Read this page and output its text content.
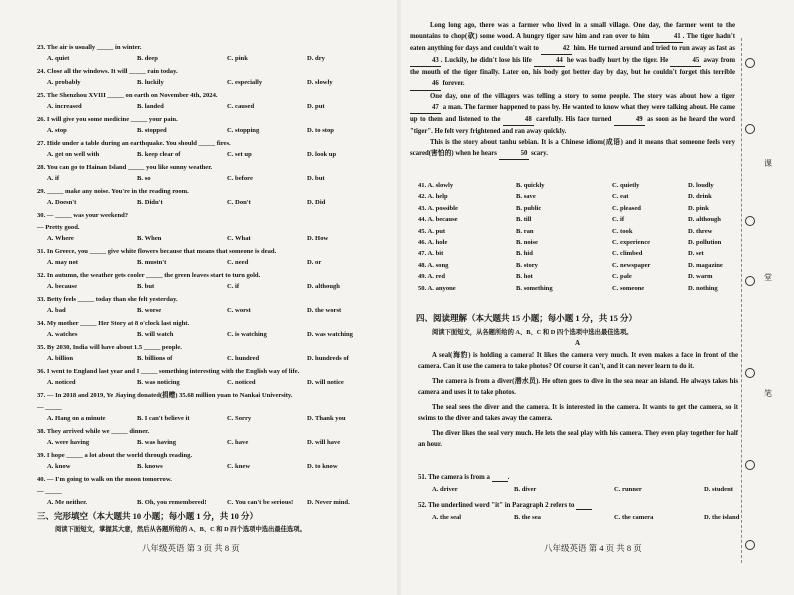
23. The air is usually _____ in winter.
A. quiet	B. deep	C. pink	D. dry
24. Close all the windows. It will _____ rain today.
A. probably	B. luckily	C. especially	D. slowly
25. The Shenzhou XVIII _____ on earth on November 4th, 2024.
A. increased	B. landed	C. caused	D. put
26. I will give you some medicine _____ your pain.
A. stop	B. stopped	C. stopping	D. to stop
27. Hide under a table during an earthquake. You should _____ fires.
A. get on well with	B. keep clear of	C. set up	D. look up
28. You can go to Hainan Island _____ you like sunny weather.
A. if	B. so	C. before	D. but
29. _____ make any noise. You're in the reading room.
A. Doesn't	B. Didn't	C. Don't	D. Did
30. — _____ was your weekend?
— Pretty good.
A. Where	B. When	C. What	D. How
31. In Greece, you _____ give white flowers because that means that someone is dead.
A. may not	B. mustn't	C. need	D. or
32. In autumn, the weather gets cooler _____ the green leaves start to turn gold.
A. because	B. but	C. if	D. although
33. Betty feels _____ today than she felt yesterday.
A. bad	B. worse	C. worst	D. the worst
34. My mother _____ Her Story at 8 o'clock last night.
A. watches	B. will watch	C. is watching	D. was watching
35. By 2030, India will have about 1.5 _____ people.
A. billion	B. billions of	C. hundred	D. hundreds of
36. I went to England last year and I _____ something interesting with the English way of life.
A. noticed	B. was noticing	C. noticed	D. will notice
37. — In 2018 and 2019, Ye Jiaying donated(捐赠) 35.68 million yuan to Nankai University.
— _____
A. Hang on a minute	B. I can't believe it	C. Sorry	D. Thank you
38. They arrived while we _____ dinner.
A. were having	B. was having	C. have	D. will have
39. I hope _____ a lot about the world through reading.
A. know	B. knows	C. knew	D. to know
40. — I'm going to walk on the moon tomorrow.
— _____
A. Me neither.	B. Oh, you remembered!	C. You can't be serious! D. Never mind.
三、完形填空（本大题共 10 小题；每小题 1 分，共 10 分）
阅读下面短文，掌握其大意，然后从各题所给的 A、B、C 和 D 四个选项中选出最佳选项。
八年级英语 第 3 页 共 8 页

Long long ago, there was a farmer who lived in a small village. One day, the farmer went to the mountains to chop(砍) some wood. A hungry tiger saw him and ran over to him	41 . The tiger hadn't eaten anything for days and couldn't wait to	42 him. He turned around and tried to run away as fast as 43 . Luckily, he didn't lose his life	44 he was badly hurt by the tiger. He	45 away from the mouth of the tiger finally. Later on, his body got better day by day, but he couldn't forget this terrible 46 forever.

One day, one of the villagers was telling a story to some people. The story was about how a tiger 47 a man. The farmer happened to pass by. He wanted to know what they were talking about. He came up to them and listened to the	48 carefully. His face turned	49 as soon as he heard the word "tiger". He felt very frightened and ran away quickly.

This is the story about tanhu sebian. It is a Chinese idiom(成语) and it means that someone feels very scared(害怕的) when he hears	50 scary.

41. A. slowly	B. quickly	C. quietly	D. loudly
42. A. help	B. save	C. eat	D. drink
43. A. possible	B. public	C. pleased	D. pink
44. A. because	B. till	C. if	D. although
45. A. put	B. ran	C. took	D. threw
46. A. hole	B. noise	C. experience	D. pollution
47. A. bit	B. hid	C. climbed	D. set
48. A. song	B. story	C. newspaper	D. magazine
49. A. red	B. hot	C. pale	D. warm
50. A. anyone	B. something	C. someone	D. nothing
四、阅读理解（本大题共 15 小题；每小题 1 分，共 15 分）
阅读下面短文，从各题所给的 A、B、C 和 D 四个选项中选出最佳选项。
A

A seal(海豹) is holding a camera! It likes the camera very much. It even makes a face in front of the camera. Can it use the camera to take photos? Of course it can't, and it can never learn to do it.

The camera is from a diver(潜水员). He often goes to dive in the sea near an island. He always takes his camera and uses it to take photos.

The seal sees the diver and the camera. It is interested in the camera. It wants to get the camera, so it swims to the diver and takes away the camera.

The diver likes the seal very much. He lets the seal play with his camera. They even play together for half an hour.

51. The camera is from a  .
A. driver	B. diver	C. runner	D. student
52. The underlined word "it" in Paragraph 2 refers to
A. the seal	B. the sea	C. the camera	D. the island
八年级英语 第 4 页 共 8 页
课
堂
笔
